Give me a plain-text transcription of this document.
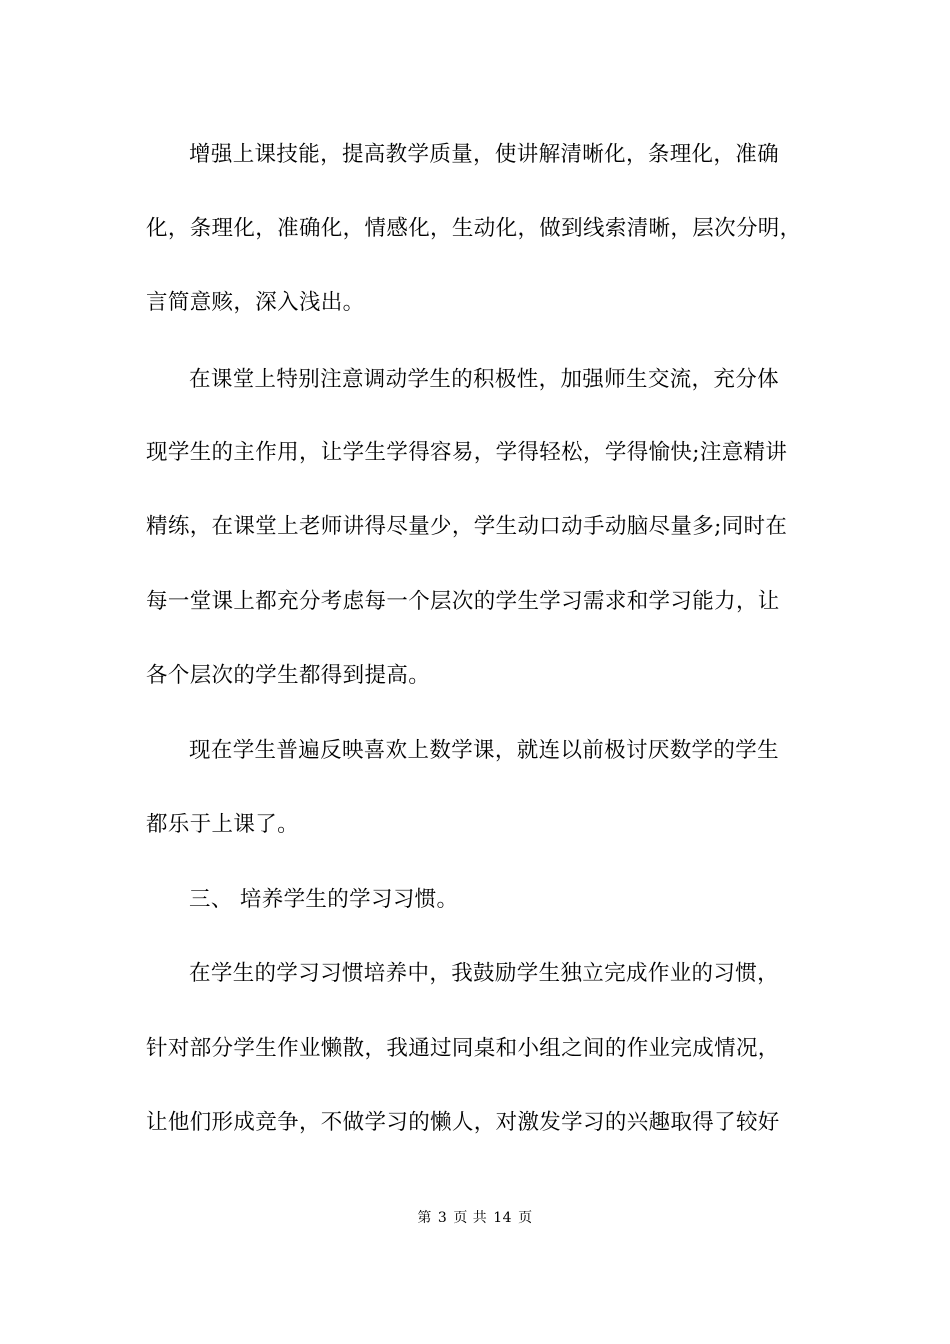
增强上课技能，提高教学质量，使讲解清晰化，条理化，准确
化，条理化，准确化，情感化，生动化，做到线索清晰，层次分明，
言简意赅，深入浅出。
在课堂上特别注意调动学生的积极性，加强师生交流，充分体
现学生的主作用，让学生学得容易，学得轻松，学得愉快;注意精讲
精练，在课堂上老师讲得尽量少，学生动口动手动脑尽量多;同时在
每一堂课上都充分考虑每一个层次的学生学习需求和学习能力，让
各个层次的学生都得到提高。
现在学生普遍反映喜欢上数学课，就连以前极讨厌数学的学生
都乐于上课了。
三、 培养学生的学习习惯。
在学生的学习习惯培养中，我鼓励学生独立完成作业的习惯，
针对部分学生作业懒散，我通过同桌和小组之间的作业完成情况，
让他们形成竞争，不做学习的懒人，对激发学习的兴趣取得了较好
第 3 页 共 14 页
